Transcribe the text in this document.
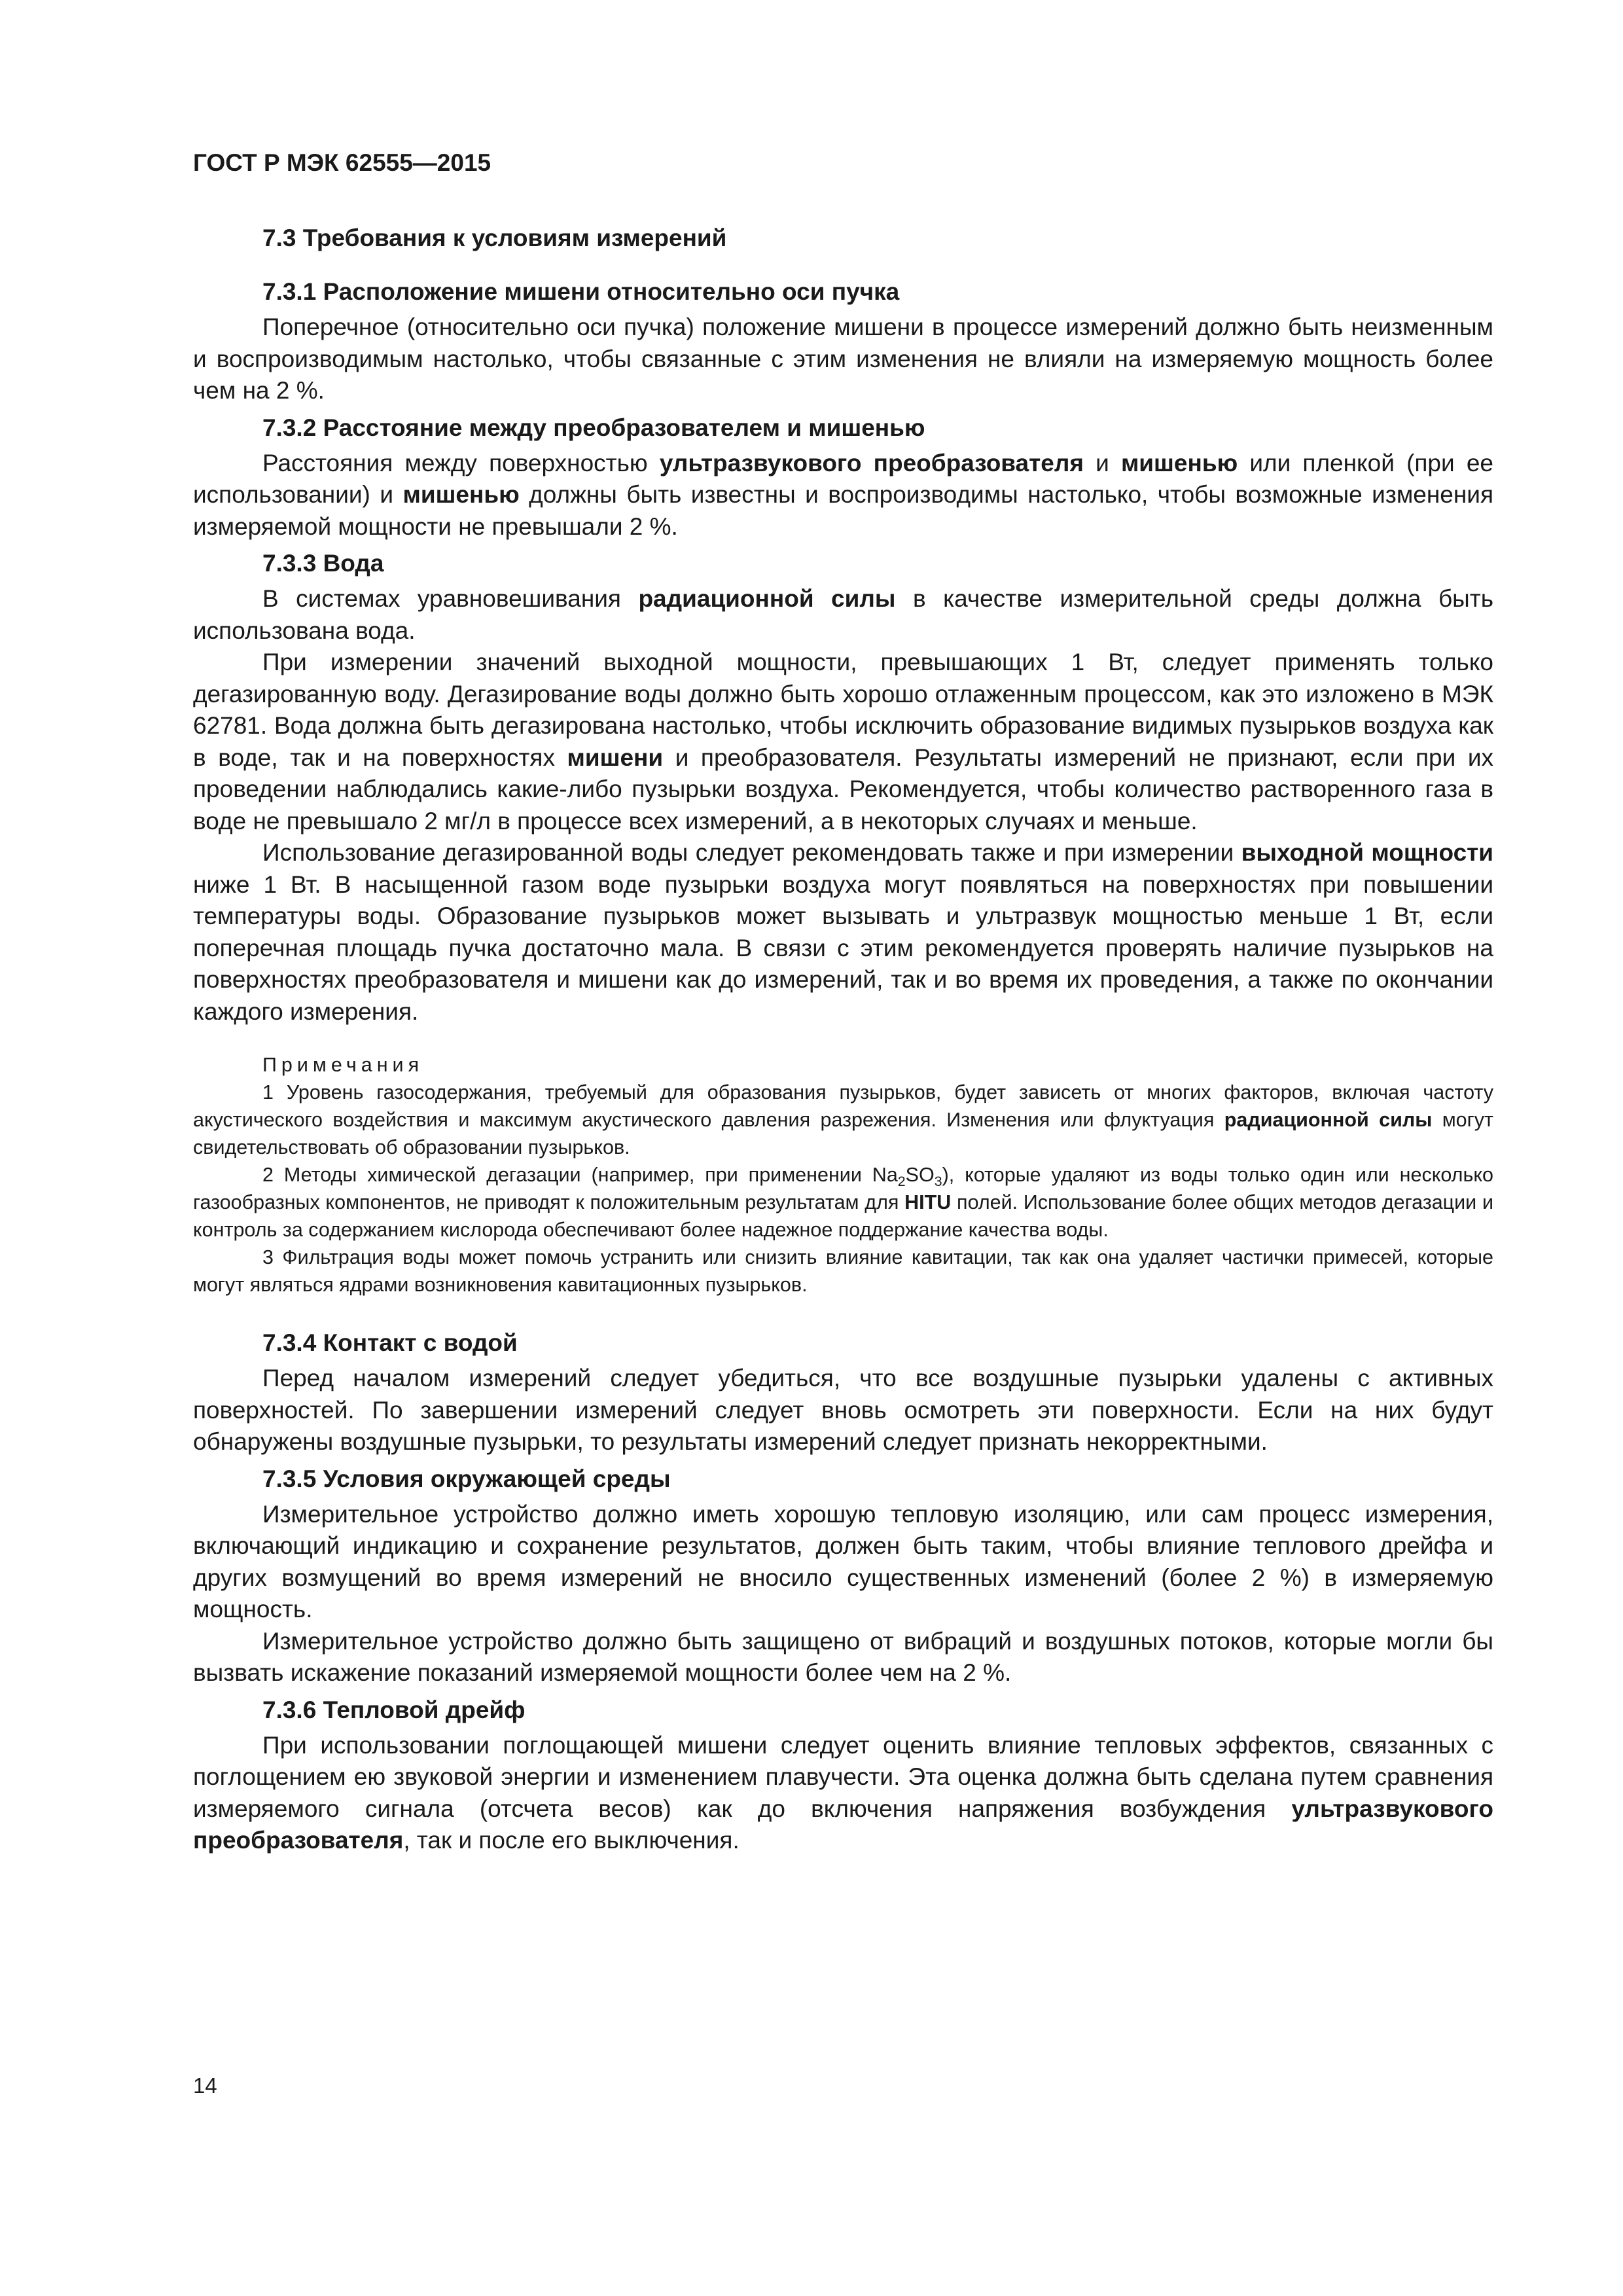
ГОСТ Р МЭК 62555—2015

7.3 Требования к условиям измерений

7.3.1 Расположение мишени относительно оси пучка

Поперечное (относительно оси пучка) положение мишени в процессе измерений должно быть неизменным и воспроизводимым настолько, чтобы связанные с этим изменения не влияли на измеряемую мощность более чем на 2 %.

7.3.2 Расстояние между преобразователем и мишенью

Расстояния между поверхностью ультразвукового преобразователя и мишенью или пленкой (при ее использовании) и мишенью должны быть известны и воспроизводимы настолько, чтобы возможные изменения измеряемой мощности не превышали 2 %.

7.3.3 Вода

В системах уравновешивания радиационной силы в качестве измерительной среды должна быть использована вода.

При измерении значений выходной мощности, превышающих 1 Вт, следует применять только дегазированную воду. Дегазирование воды должно быть хорошо отлаженным процессом, как это изложено в МЭК 62781. Вода должна быть дегазирована настолько, чтобы исключить образование видимых пузырьков воздуха как в воде, так и на поверхностях мишени и преобразователя. Результаты измерений не признают, если при их проведении наблюдались какие-либо пузырьки воздуха. Рекомендуется, чтобы количество растворенного газа в воде не превышало 2 мг/л в процессе всех измерений, а в некоторых случаях и меньше.

Использование дегазированной воды следует рекомендовать также и при измерении выходной мощности ниже 1 Вт. В насыщенной газом воде пузырьки воздуха могут появляться на поверхностях при повышении температуры воды. Образование пузырьков может вызывать и ультразвук мощностью меньше 1 Вт, если поперечная площадь пучка достаточно мала. В связи с этим рекомендуется проверять наличие пузырьков на поверхностях преобразователя и мишени как до измерений, так и во время их проведения, а также по окончании каждого измерения.

Примечания

1 Уровень газосодержания, требуемый для образования пузырьков, будет зависеть от многих факторов, включая частоту акустического воздействия и максимум акустического давления разрежения. Изменения или флуктуация радиационной силы могут свидетельствовать об образовании пузырьков.

2 Методы химической дегазации (например, при применении $Na_2SO_3$), которые удаляют из воды только один или несколько газообразных компонентов, не приводят к положительным результатам для HITU полей. Использование более общих методов дегазации и контроль за содержанием кислорода обеспечивают более надежное поддержание качества воды.

3 Фильтрация воды может помочь устранить или снизить влияние кавитации, так как она удаляет частички примесей, которые могут являться ядрами возникновения кавитационных пузырьков.

7.3.4 Контакт с водой

Перед началом измерений следует убедиться, что все воздушные пузырьки удалены с активных поверхностей. По завершении измерений следует вновь осмотреть эти поверхности. Если на них будут обнаружены воздушные пузырьки, то результаты измерений следует признать некорректными.

7.3.5 Условия окружающей среды

Измерительное устройство должно иметь хорошую тепловую изоляцию, или сам процесс измерения, включающий индикацию и сохранение результатов, должен быть таким, чтобы влияние теплового дрейфа и других возмущений во время измерений не вносило существенных изменений (более 2 %) в измеряемую мощность.

Измерительное устройство должно быть защищено от вибраций и воздушных потоков, которые могли бы вызвать искажение показаний измеряемой мощности более чем на 2 %.

7.3.6 Тепловой дрейф

При использовании поглощающей мишени следует оценить влияние тепловых эффектов, связанных с поглощением ею звуковой энергии и изменением плавучести. Эта оценка должна быть сделана путем сравнения измеряемого сигнала (отсчета весов) как до включения напряжения возбуждения ультразвукового преобразователя, так и после его выключения.

14
